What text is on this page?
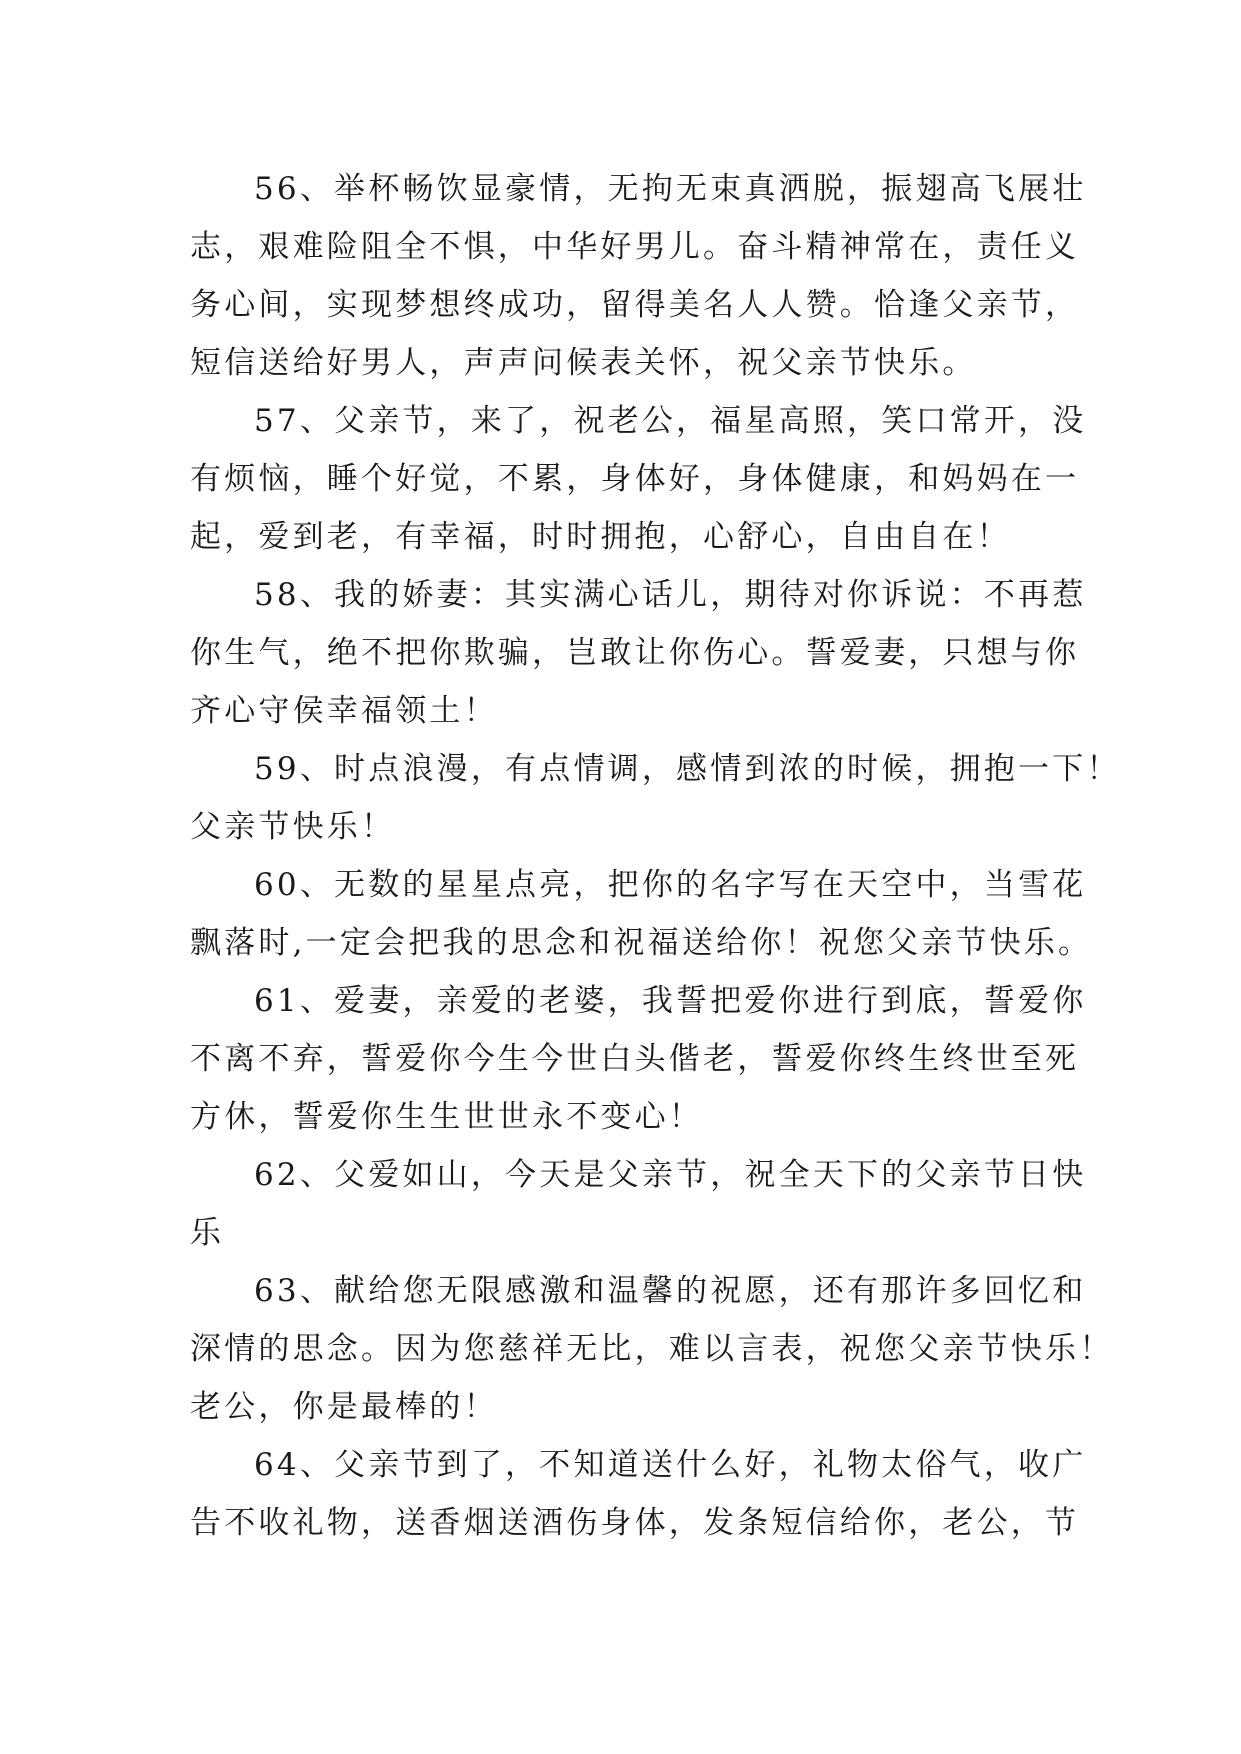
56、举杯畅饮显豪情，无拘无束真洒脱，振翅高飞展壮
志，艰难险阻全不惧，中华好男儿。奋斗精神常在，责任义
务心间，实现梦想终成功，留得美名人人赞。恰逢父亲节，
短信送给好男人，声声问候表关怀，祝父亲节快乐。

57、父亲节，来了，祝老公，福星高照，笑口常开，没
有烦恼，睡个好觉，不累，身体好，身体健康，和妈妈在一
起，爱到老，有幸福，时时拥抱，心舒心，自由自在！

58、我的娇妻：其实满心话儿，期待对你诉说：不再惹
你生气，绝不把你欺骗，岂敢让你伤心。誓爱妻，只想与你
齐心守侯幸福领土！

59、时点浪漫，有点情调，感情到浓的时候，拥抱一下！
父亲节快乐！

60、无数的星星点亮，把你的名字写在天空中，当雪花
飘落时,一定会把我的思念和祝福送给你！祝您父亲节快乐。

61、爱妻，亲爱的老婆，我誓把爱你进行到底，誓爱你
不离不弃，誓爱你今生今世白头偕老，誓爱你终生终世至死
方休，誓爱你生生世世永不变心！

62、父爱如山，今天是父亲节，祝全天下的父亲节日快
乐

63、献给您无限感激和温馨的祝愿，还有那许多回忆和
深情的思念。因为您慈祥无比，难以言表，祝您父亲节快乐！
老公，你是最棒的！

64、父亲节到了，不知道送什么好，礼物太俗气，收广
告不收礼物，送香烟送酒伤身体，发条短信给你，老公，节
